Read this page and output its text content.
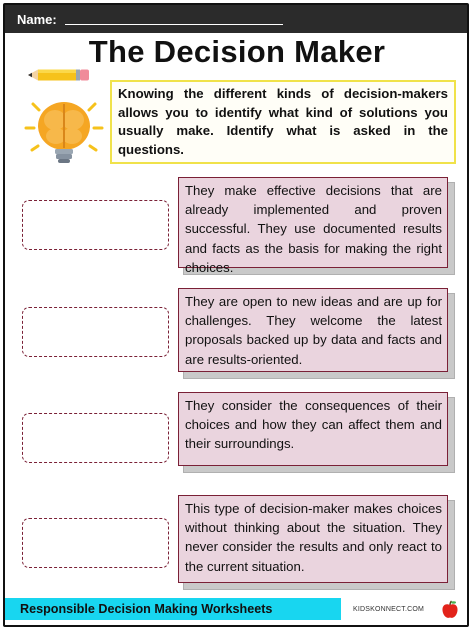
Name:
The Decision Maker

Knowing the different kinds of decision-makers allows you to identify what kind of solutions you usually make. Identify what is asked in the questions.

They make effective decisions that are already implemented and proven successful. They use documented results and facts as the basis for making the right choices.

They are open to new ideas and are up for challenges. They welcome the latest proposals backed up by data and facts and are results-oriented.

They consider the consequences of their choices and how they can affect them and their surroundings.

This type of decision-maker makes choices without thinking about the situation. They never consider the results and only react to the current situation.

Responsible Decision Making Worksheets	KIDSKONNECT.COM
